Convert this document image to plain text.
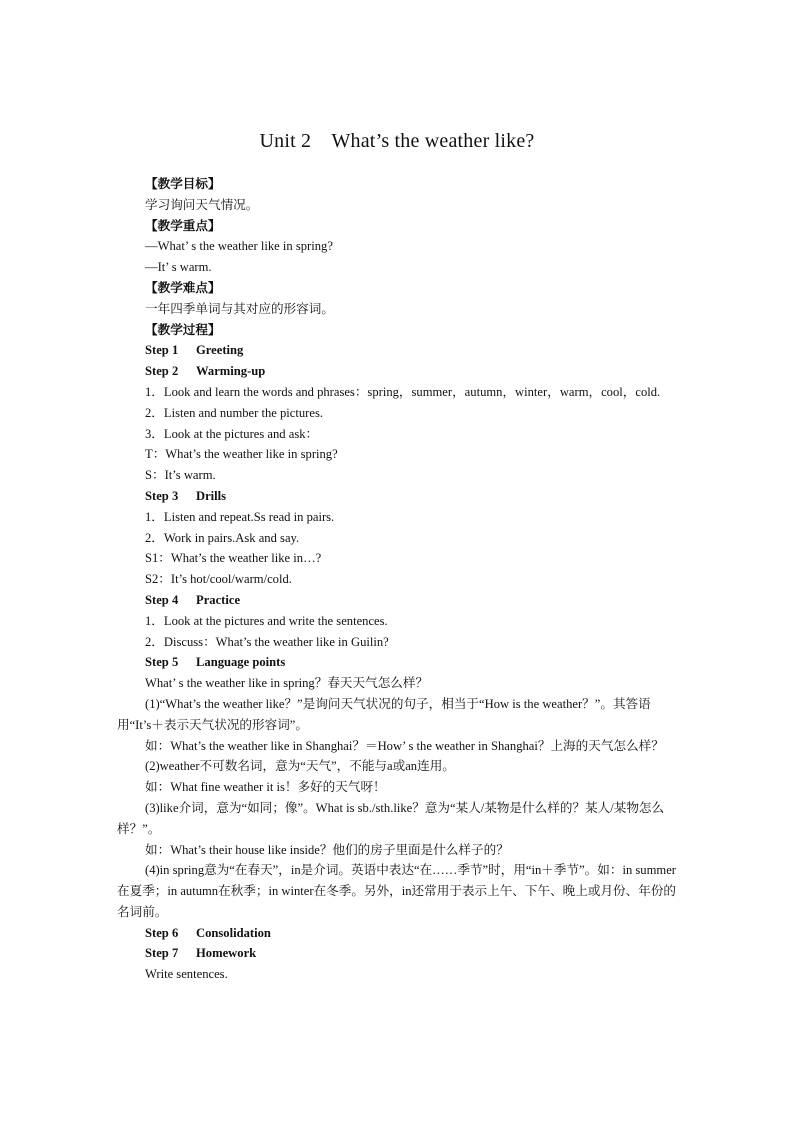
Unit 2　What’s the weather like?
【教学目标】
学习询问天气情况。
【教学重点】
—What’ s the weather like in spring?
—It’ s warm.
【教学难点】
一年四季单词与其对应的形容词。
【教学过程】
Step 1 Greeting
Step 2 Warming-up
1．Look and learn the words and phrases：spring，summer，autumn，winter，warm，cool，cold.
2．Listen and number the pictures.
3．Look at the pictures and ask：
T：What’s the weather like in spring?
S：It’s warm.
Step 3 Drills
1．Listen and repeat.Ss read in pairs.
2．Work in pairs.Ask and say.
S1：What’s the weather like in…?
S2：It’s hot/cool/warm/cold.
Step 4 Practice
1．Look at the pictures and write the sentences.
2．Discuss：What’s the weather like in Guilin?
Step 5 Language points
What’ s the weather like in spring？春天天气怎么样？
(1)“What’s the weather like？”是询问天气状况的句子，相当于“How is the weather？”。其答语用“It’s＋表示天气状况的形容词”。
如：What’s the weather like in Shanghai？＝How’ s the weather in Shanghai？上海的天气怎么样？
(2)weather不可数名词，意为“天气”，不能与a或an连用。
如：What fine weather it is！多好的天气呀！
(3)like介词，意为“如同；像”。What is sb./sth.like？意为“某人/某物是什么样的？某人/某物怎么样？”。
如：What’s their house like inside？他们的房子里面是什么样子的？
(4)in spring意为“在春天”，in是介词。英语中表达“在……季节”时，用“in＋季节”。如：in summer在夏季；in autumn在秋季；in winter在冬季。另外，in还常用于表示上午、下午、晚上或月份、年份的名词前。
Step 6 Consolidation
Step 7 Homework
Write sentences.
